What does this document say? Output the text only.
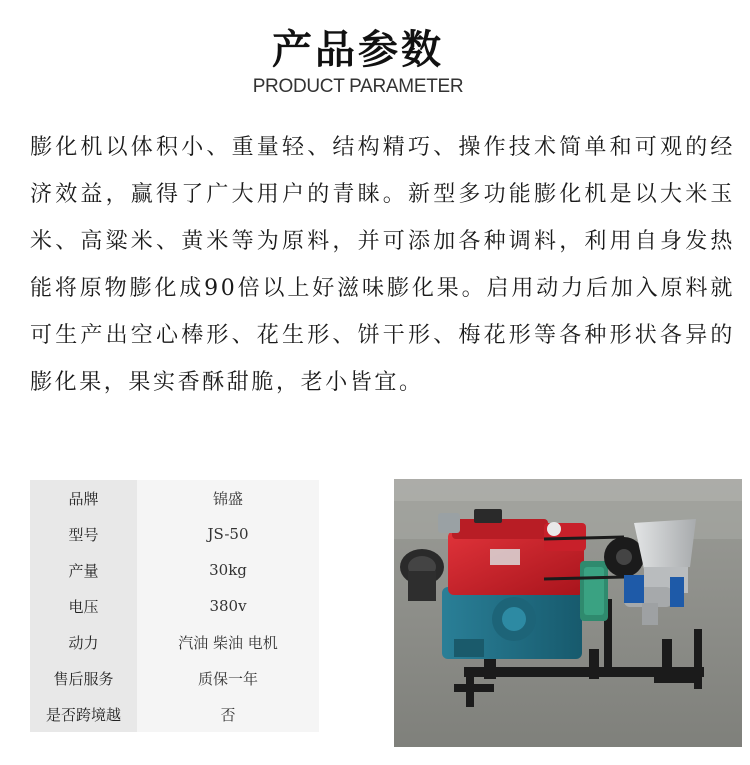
产品参数
PRODUCT PARAMETER

膨化机以体积小、重量轻、结构精巧、操作技术简单和可观的经济效益，赢得了广大用户的青睐。新型多功能膨化机是以大米玉米、高粱米、黄米等为原料，并可添加各种调料，利用自身发热能将原物膨化成90倍以上好滋味膨化果。启用动力后加入原料就可生产出空心棒形、花生形、饼干形、梅花形等各种形状各异的膨化果，果实香酥甜脆，老小皆宜。

品牌	锦盛
型号	JS-50
产量	30kg
电压	380v
动力	汽油 柴油 电机
售后服务	质保一年
是否跨境越	否
